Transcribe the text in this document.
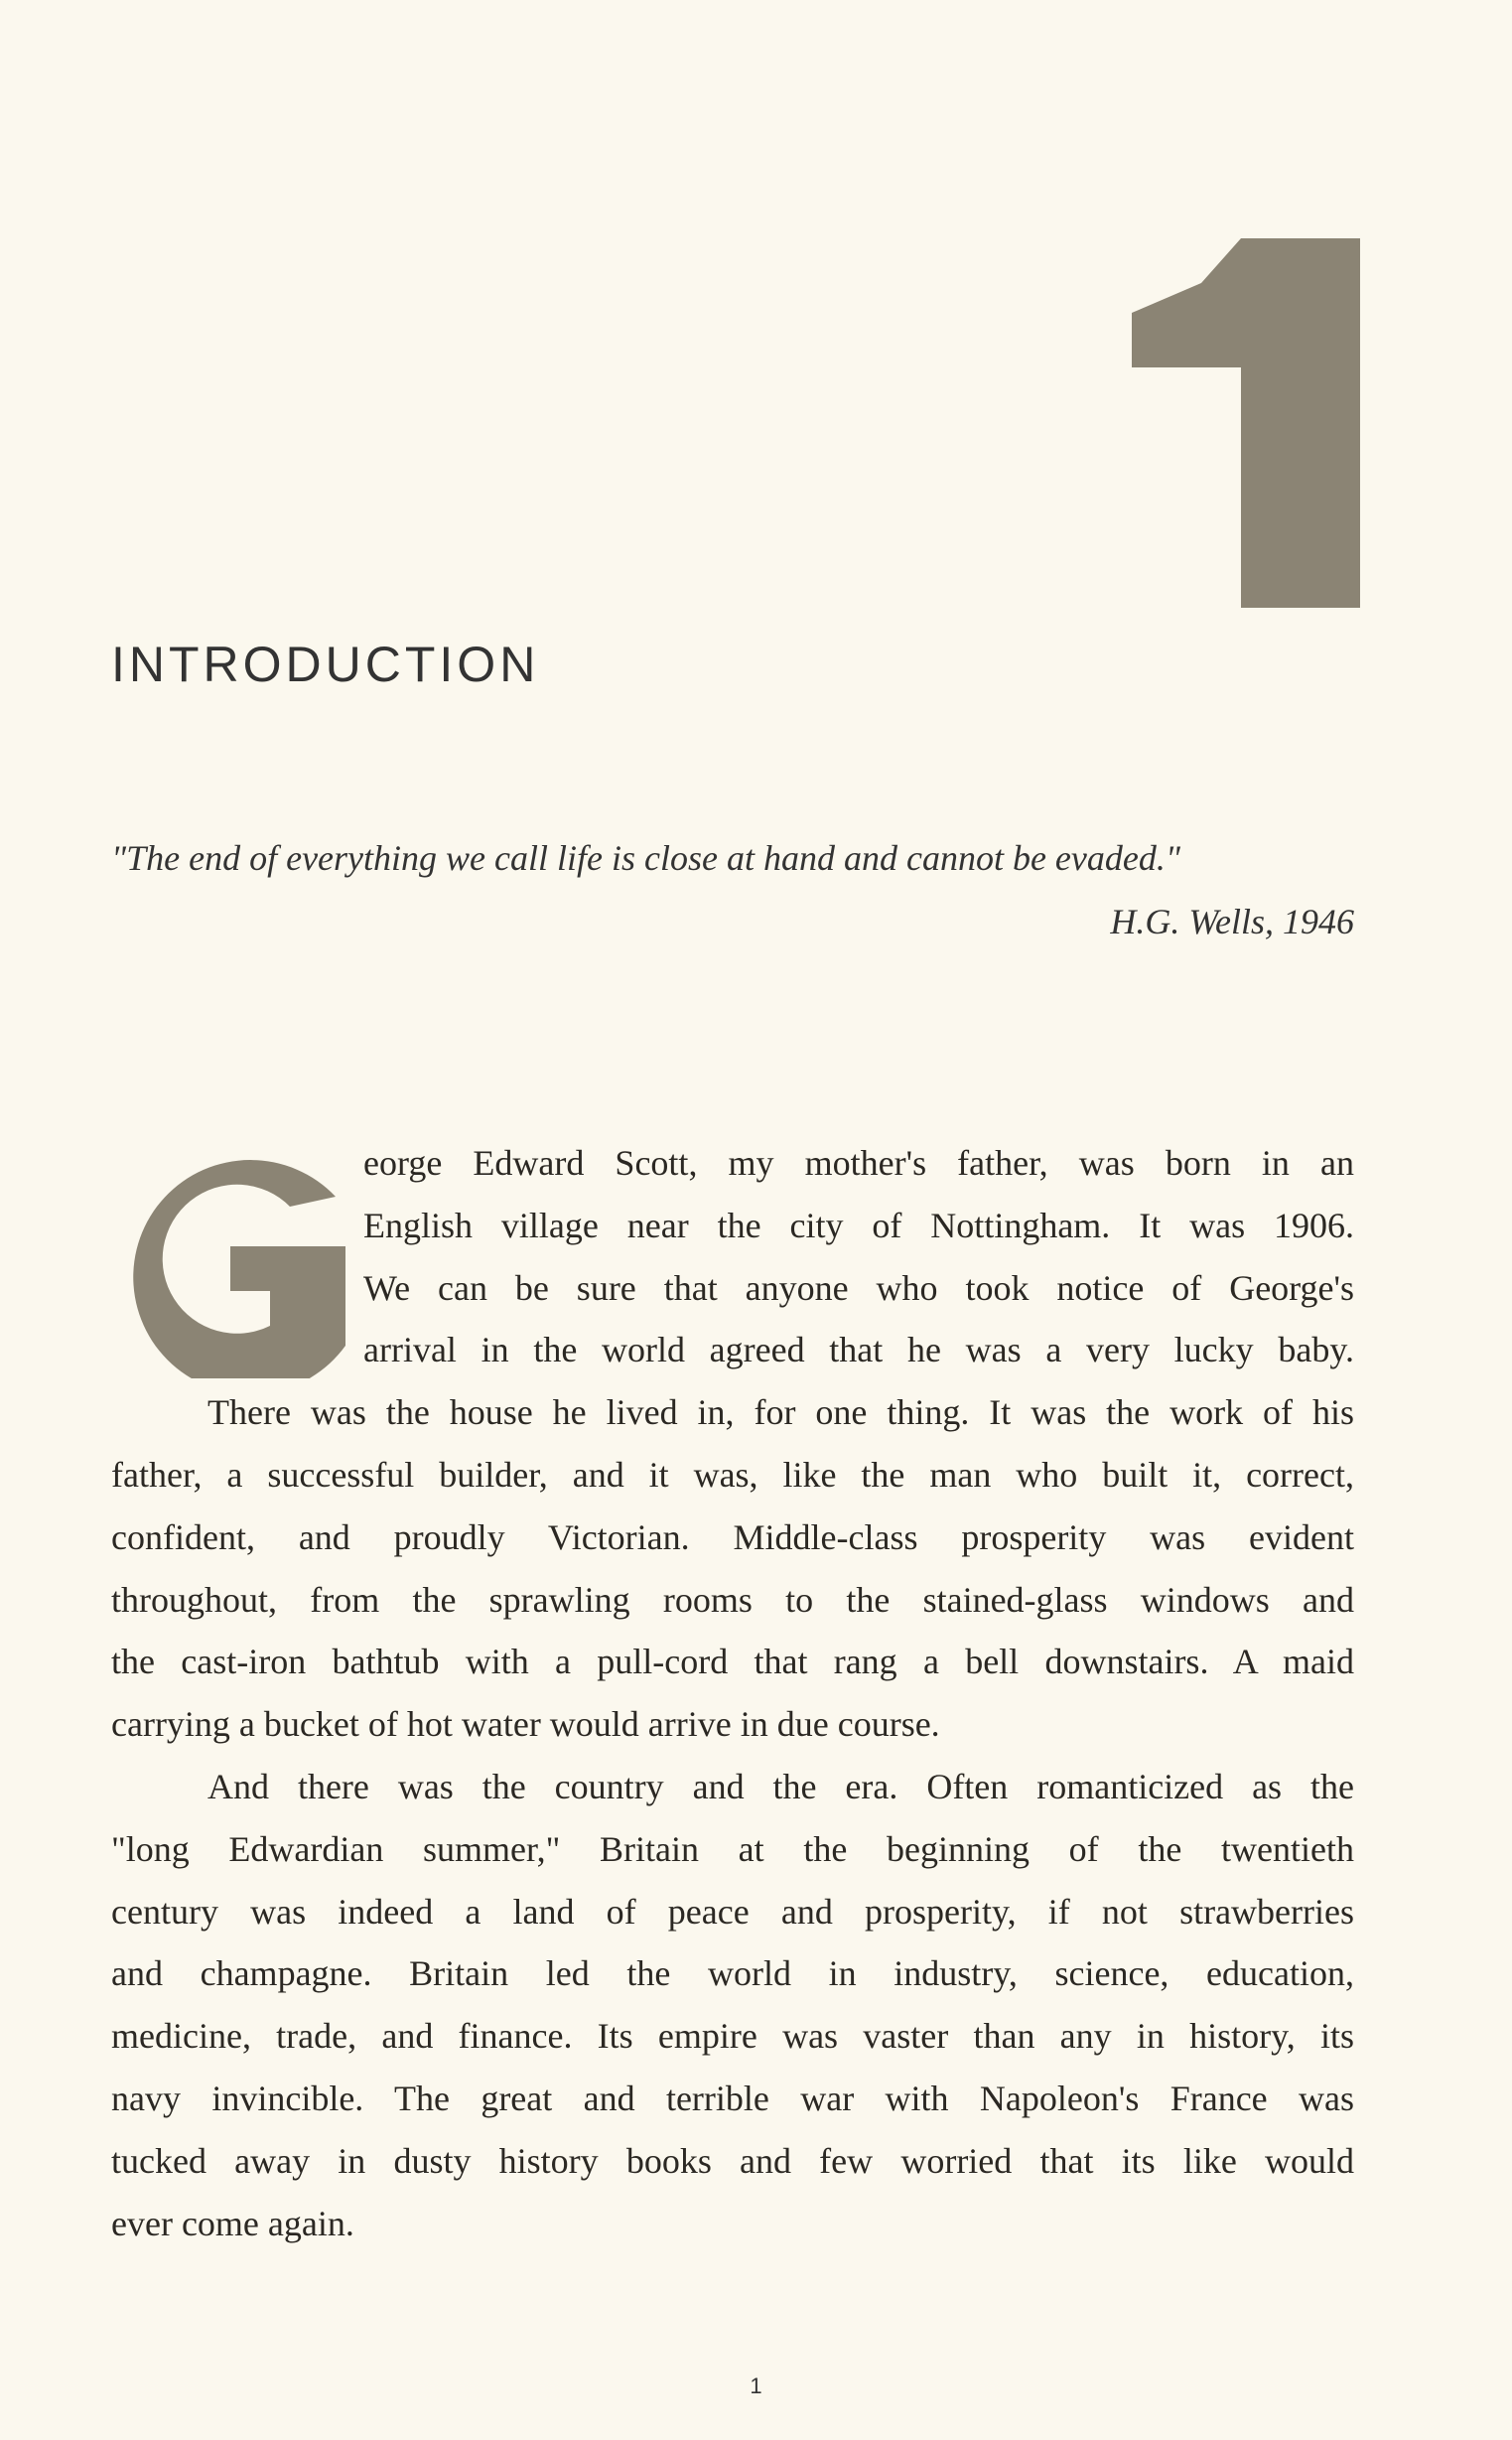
INTRODUCTION
"The end of everything we call life is close at hand and cannot be evaded."
H.G. Wells, 1946
eorge Edward Scott, my mother's father, was born in an
English village near the city of Nottingham. It was 1906.
We can be sure that anyone who took notice of George's
arrival in the world agreed that he was a very lucky baby.
There was the house he lived in, for one thing. It was the work of his
father, a successful builder, and it was, like the man who built it, correct,
confident, and proudly Victorian. Middle-class prosperity was evident
throughout, from the sprawling rooms to the stained-glass windows and
the cast-iron bathtub with a pull-cord that rang a bell downstairs. A maid
carrying a bucket of hot water would arrive in due course.
And there was the country and the era. Often romanticized as the
"long Edwardian summer," Britain at the beginning of the twentieth
century was indeed a land of peace and prosperity, if not strawberries
and champagne. Britain led the world in industry, science, education,
medicine, trade, and finance. Its empire was vaster than any in history, its
navy invincible. The great and terrible war with Napoleon's France was
tucked away in dusty history books and few worried that its like would
ever come again.
1
